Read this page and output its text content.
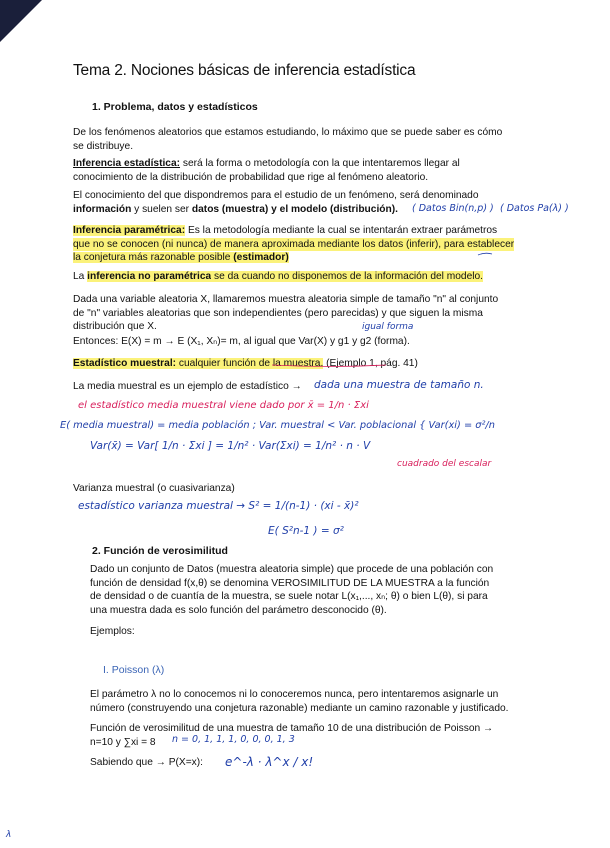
Tema 2. Nociones básicas de inferencia estadística
1. Problema, datos y estadísticos
De los fenómenos aleatorios que estamos estudiando, lo máximo que se puede saber es cómo
se distribuye.
Inferencia estadística: será la forma o metodología con la que intentaremos llegar al
conocimiento de la distribución de probabilidad que rige al fenómeno aleatorio.
El conocimiento del que dispondremos para el estudio de un fenómeno, será denominado
información y suelen ser datos (muestra) y el modelo (distribución).	( Datos Bin(n,p) ) ( Datos Pa(λ) )
Inferencia paramétrica: Es la metodología mediante la cual se intentarán extraer parámetros
que no se conocen (ni nunca) de manera aproximada mediante los datos (inferir), para establecer
la conjetura más razonable posible (estimador)
La inferencia no paramétrica se da cuando no disponemos de la información del modelo.
Dada una variable aleatoria X, llamaremos muestra aleatoria simple de tamaño "n" al conjunto
de "n" variables aleatorias que son independientes (pero parecidas) y que siguen la misma
distribución que X.	igual forma
Entonces: E(X) = m → E (X₁, Xₙ)= m, al igual que Var(X) y g1 y g2 (forma).
Estadístico muestral: cualquier función de la muestra. (Ejemplo 1, pág. 41)
La media muestral es un ejemplo de estadístico →	dada una muestra de tamaño n.
el estadístico media muestral viene dado por x̄ = 1/n · Σxi
E( media muestral) = media población ; Var. muestral < Var. poblacional { Var(xi) = σ²/n
Var(x̄) = Var[ 1/n · Σxi ] = 1/n² · Var(Σxi) = 1/n² · n · V
cuadrado del escalar
Varianza muestral (o cuasivarianza)
estadístico varianza muestral → S² = 1/(n-1) · (xi - x̄)²
E( S²n-1 ) = σ²
2. Función de verosimilitud
Dado un conjunto de Datos (muestra aleatoria simple) que procede de una población con
función de densidad f(x,θ) se denomina VEROSIMILITUD DE LA MUESTRA a la función
de densidad o de cuantía de la muestra, se suele notar L(x₁,..., xₙ; θ) o bien L(θ), si para
una muestra dada es solo función del parámetro desconocido (θ).
Ejemplos:
I. Poisson (λ)
El parámetro λ no lo conocemos ni lo conoceremos nunca, pero intentaremos asignarle un
número (construyendo una conjetura razonable) mediante un camino razonable y justificado.
Función de verosimilitud de una muestra de tamaño 10 de una distribución de Poisson →
n=10 y ∑xi = 8	n = 0, 1, 1, 1, 0, 0, 0, 1, 3
Sabiendo que → P(X=x):	e^-λ · λ^x / x!
λ
